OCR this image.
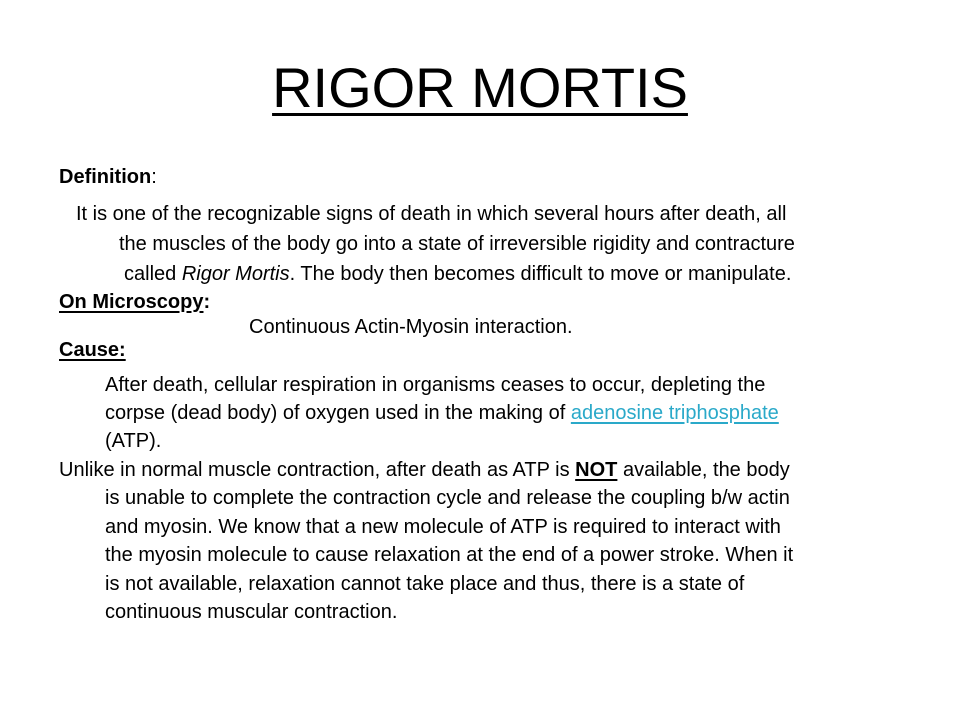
RIGOR MORTIS
Definition:
It is one of the recognizable signs of death in which several hours after death, all
the muscles of the body go into a state of irreversible rigidity and contracture
called Rigor Mortis. The body then becomes difficult to move or manipulate.
On Microscopy:
Continuous Actin-Myosin interaction.
Cause:
After death, cellular respiration in organisms ceases to occur, depleting the
corpse (dead body) of oxygen used in the making of adenosine triphosphate
(ATP).
Unlike in normal muscle contraction, after death as ATP is NOT available, the body
is unable to complete the contraction cycle and release the coupling b/w actin
and myosin. We know that a new molecule of ATP is required to interact with
the myosin molecule to cause relaxation at the end of a power stroke. When it
is not available, relaxation cannot take place and thus, there is a state of
continuous muscular contraction.
